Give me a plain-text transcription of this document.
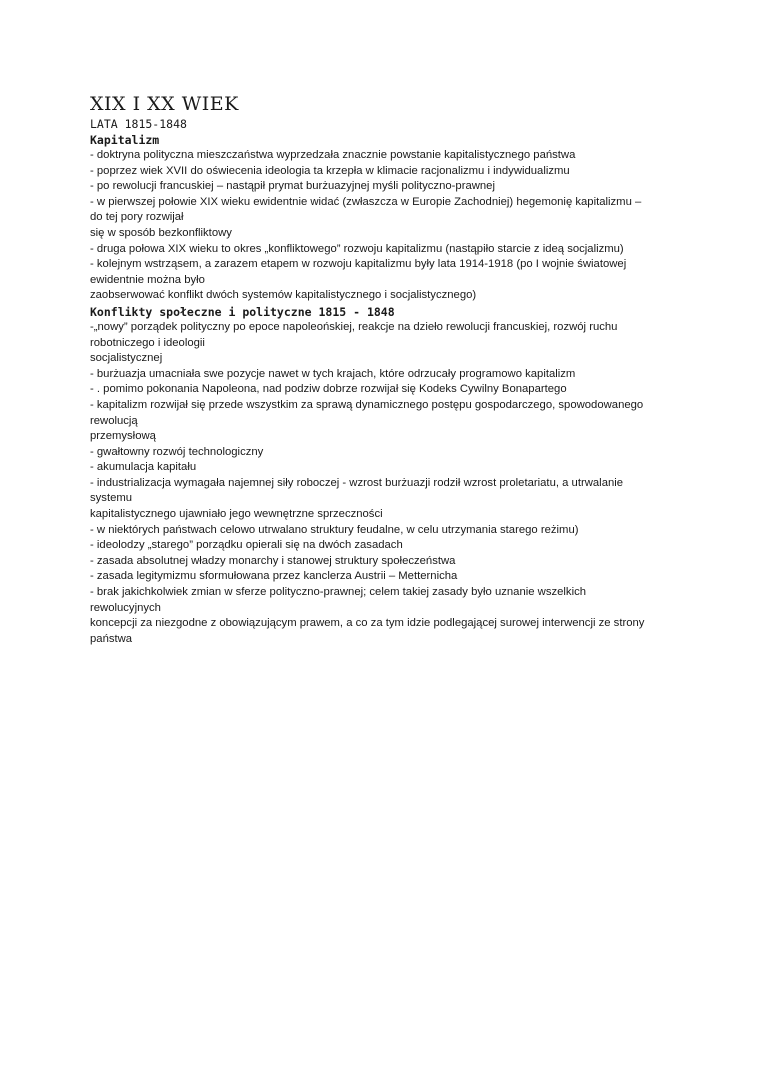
XIX I XX WIEK
LATA 1815-1848
Kapitalizm

- doktryna polityczna mieszczaństwa wyprzedzała znacznie powstanie kapitalistycznego państwa

- poprzez wiek XVII do oświecenia ideologia ta krzepła w klimacie racjonalizmu i indywidualizmu

- po rewolucji francuskiej – nastąpił prymat burżuazyjnej myśli polityczno-prawnej

- w pierwszej połowie XIX wieku ewidentnie widać (zwłaszcza w Europie Zachodniej) hegemonię kapitalizmu –

do tej pory rozwijał

się w sposób bezkonfliktowy

- druga połowa XIX wieku to okres „konfliktowego” rozwoju kapitalizmu (nastąpiło starcie z ideą socjalizmu)

- kolejnym wstrząsem, a zarazem etapem w rozwoju kapitalizmu były lata 1914-1918 (po I wojnie światowej

ewidentnie można było

zaobserwować konflikt dwóch systemów kapitalistycznego i socjalistycznego)

Konflikty społeczne i polityczne 1815 - 1848

-„nowy” porządek polityczny po epoce napoleońskiej, reakcje na dzieło rewolucji francuskiej, rozwój ruchu

robotniczego i ideologii

socjalistycznej

- burżuazja umacniała swe pozycje nawet w tych krajach, które odrzucały programowo kapitalizm

- . pomimo pokonania Napoleona, nad podziw dobrze rozwijał się Kodeks Cywilny Bonapartego

- kapitalizm rozwijał się przede wszystkim za sprawą dynamicznego postępu gospodarczego, spowodowanego

rewolucją

przemysłową

- gwałtowny rozwój technologiczny

- akumulacja kapitału

- industrializacja wymagała najemnej siły roboczej - wzrost burżuazji rodził wzrost proletariatu, a utrwalanie

systemu

kapitalistycznego ujawniało jego wewnętrzne sprzeczności

- w niektórych państwach celowo utrwalano struktury feudalne, w celu utrzymania starego reżimu)

- ideolodzy „starego” porządku opierali się na dwóch zasadach

- zasada absolutnej władzy monarchy i stanowej struktury społeczeństwa

- zasada legitymizmu sformułowana przez kanclerza Austrii – Metternicha

- brak jakichkolwiek zmian w sferze polityczno-prawnej; celem takiej zasady było uznanie wszelkich

rewolucyjnych

koncepcji za niezgodne z obowiązującym prawem, a co za tym idzie podlegającej surowej interwencji ze strony

państwa
